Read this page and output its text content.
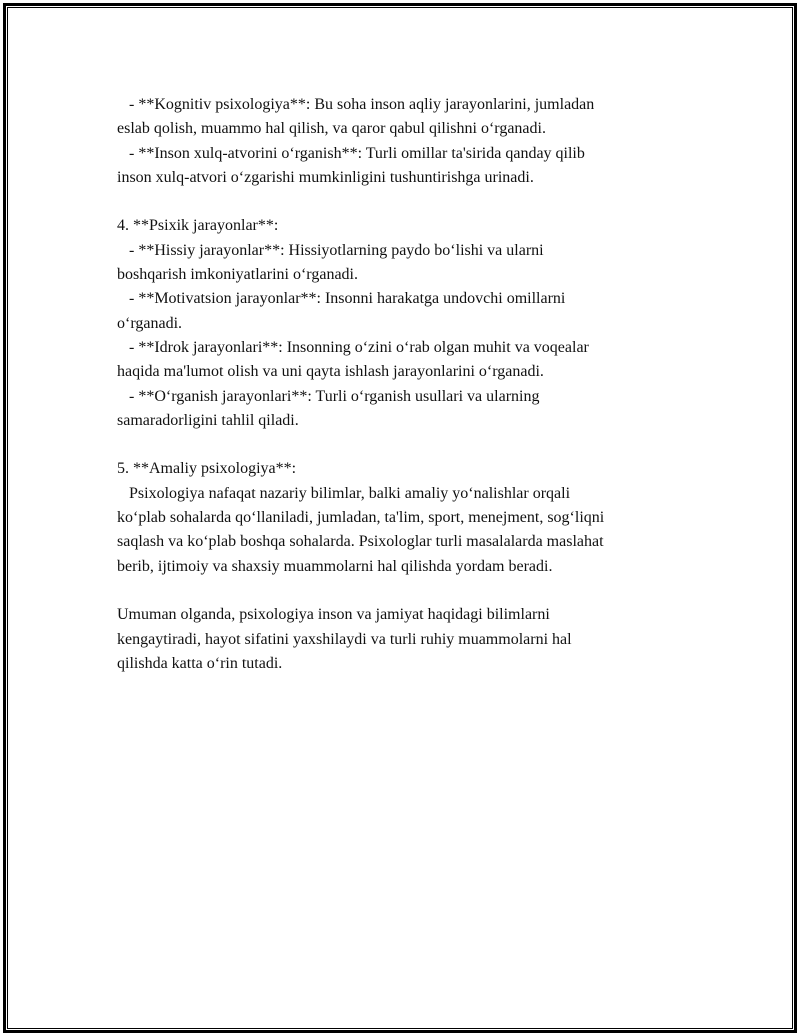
- **Kognitiv psixologiya**: Bu soha inson aqliy jarayonlarini, jumladan
eslab qolish, muammo hal qilish, va qaror qabul qilishni o‘rganadi.
- **Inson xulq-atvorini o‘rganish**: Turli omillar ta'sirida qanday qilib
inson xulq-atvori o‘zgarishi mumkinligini tushuntirishga urinadi.
4. **Psixik jarayonlar**:
- **Hissiy jarayonlar**: Hissiyotlarning paydo bo‘lishi va ularni
boshqarish imkoniyatlarini o‘rganadi.
- **Motivatsion jarayonlar**: Insonni harakatga undovchi omillarni
o‘rganadi.
- **Idrok jarayonlari**: Insonning o‘zini o‘rab olgan muhit va voqealar
haqida ma'lumot olish va uni qayta ishlash jarayonlarini o‘rganadi.
- **O‘rganish jarayonlari**: Turli o‘rganish usullari va ularning
samaradorligini tahlil qiladi.
5. **Amaliy psixologiya**:
Psixologiya nafaqat nazariy bilimlar, balki amaliy yo‘nalishlar orqali
ko‘plab sohalarda qo‘llaniladi, jumladan, ta'lim, sport, menejment, sog‘liqni
saqlash va ko‘plab boshqa sohalarda. Psixologlar turli masalalarda maslahat
berib, ijtimoiy va shaxsiy muammolarni hal qilishda yordam beradi.
Umuman olganda, psixologiya inson va jamiyat haqidagi bilimlarni
kengaytiradi, hayot sifatini yaxshilaydi va turli ruhiy muammolarni hal
qilishda katta o‘rin tutadi.
